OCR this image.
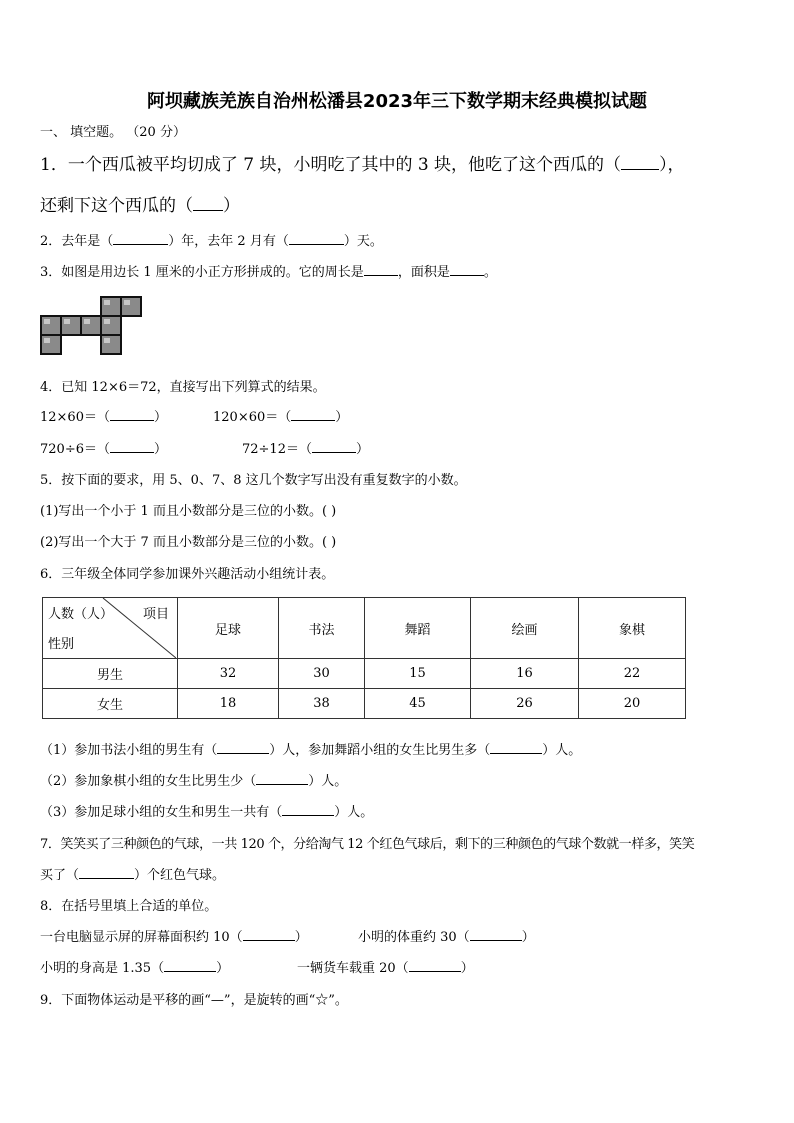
阿坝藏族羌族自治州松潘县2023年三下数学期末经典模拟试题
一、 填空题。 （20 分）
1．一个西瓜被平均切成了 7 块，小明吃了其中的 3 块，他吃了这个西瓜的（ ），
还剩下这个西瓜的（ ）
2．去年是（	）年，去年 2 月有（	）天。
3．如图是用边长 1 厘米的小正方形拼成的。它的周长是	，面积是	。
4．已知 12×6＝72，直接写出下列算式的结果。
12×60＝（	）	120×60＝（	）
720÷6＝（	）	72÷12＝（	）
5．按下面的要求，用 5、0、7、8 这几个数字写出没有重复数字的小数。
(1)写出一个小于 1 而且小数部分是三位的小数。( )
(2)写出一个大于 7 而且小数部分是三位的小数。( )
6．三年级全体同学参加课外兴趣活动小组统计表。
人数（人） 项目
性别	足球	书法	舞蹈	绘画	象棋
男生	32	30	15	16	22
女生	18	38	45	26	20
（1）参加书法小组的男生有（	）人，参加舞蹈小组的女生比男生多（	）人。
（2）参加象棋小组的女生比男生少（	）人。
（3）参加足球小组的女生和男生一共有（	）人。
7．笑笑买了三种颜色的气球，一共 120 个，分给淘气 12 个红色气球后，剩下的三种颜色的气球个数就一样多，笑笑
买了（	）个红色气球。
8．在括号里填上合适的单位。
一台电脑显示屏的屏幕面积约 10（	）	小明的体重约 30（	）
小明的身高是 1.35（	）	一辆货车载重 20（	）
9．下面物体运动是平移的画“—”，是旋转的画“☆”。
